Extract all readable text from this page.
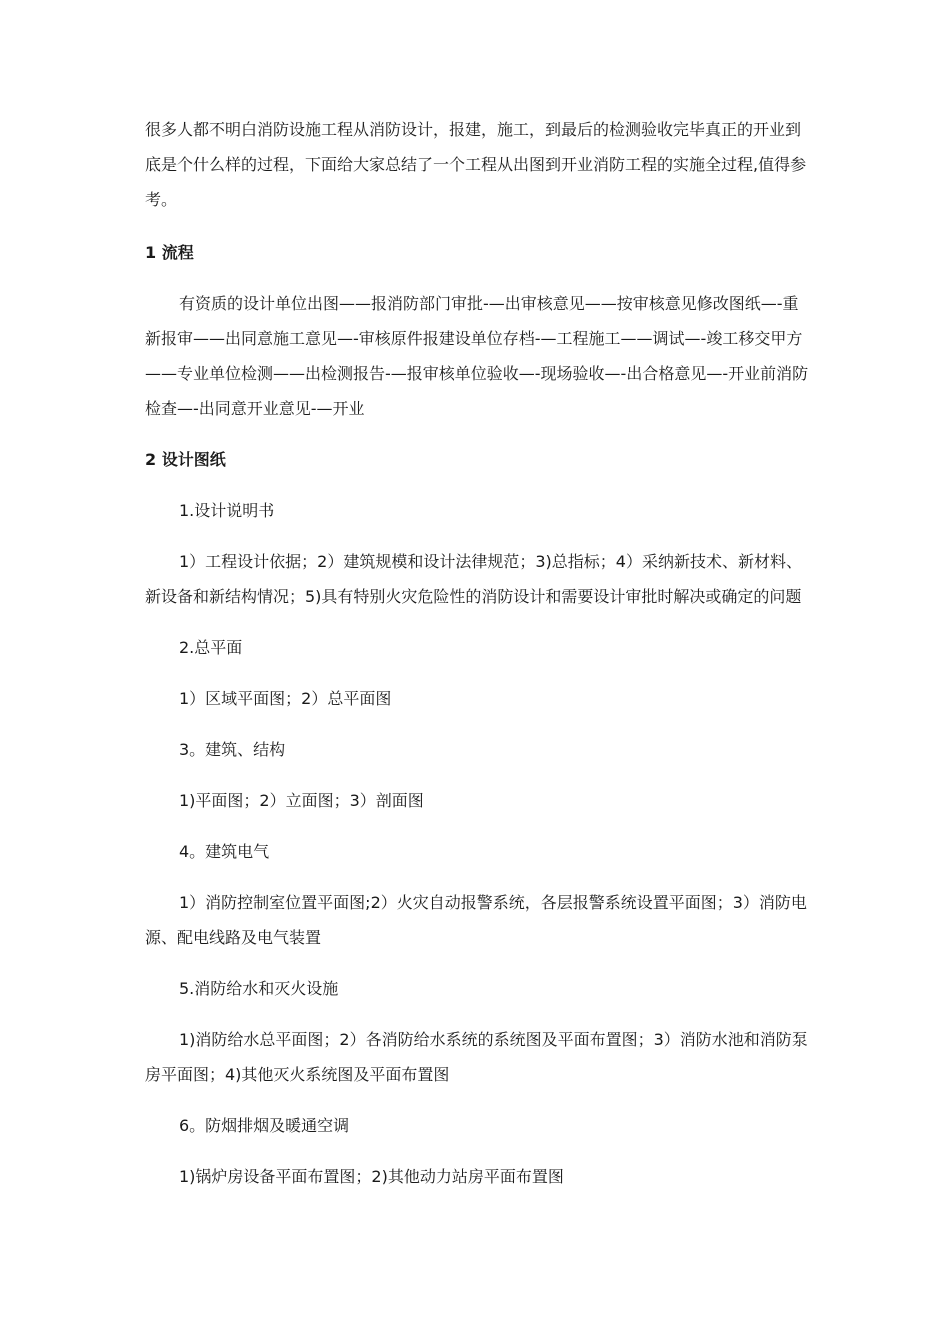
很多人都不明白消防设施工程从消防设计，报建，施工，到最后的检测验收完毕真正的开业到底是个什么样的过程，下面给大家总结了一个工程从出图到开业消防工程的实施全过程,值得参考。

1 流程

有资质的设计单位出图——报消防部门审批-—出审核意见——按审核意见修改图纸—-重新报审——出同意施工意见—-审核原件报建设单位存档-—工程施工——调试—-竣工移交甲方——专业单位检测——出检测报告-—报审核单位验收—-现场验收—-出合格意见—-开业前消防检查—-出同意开业意见-—开业

2 设计图纸

1.设计说明书

1）工程设计依据；2）建筑规模和设计法律规范；3)总指标；4）采纳新技术、新材料、新设备和新结构情况；5)具有特别火灾危险性的消防设计和需要设计审批时解决或确定的问题

2.总平面

1）区域平面图；2）总平面图

3。建筑、结构

1)平面图；2）立面图；3）剖面图

4。建筑电气

1）消防控制室位置平面图;2）火灾自动报警系统，各层报警系统设置平面图；3）消防电源、配电线路及电气装置

5.消防给水和灭火设施

1)消防给水总平面图；2）各消防给水系统的系统图及平面布置图；3）消防水池和消防泵房平面图；4)其他灭火系统图及平面布置图

6。防烟排烟及暖通空调

1)锅炉房设备平面布置图；2)其他动力站房平面布置图
